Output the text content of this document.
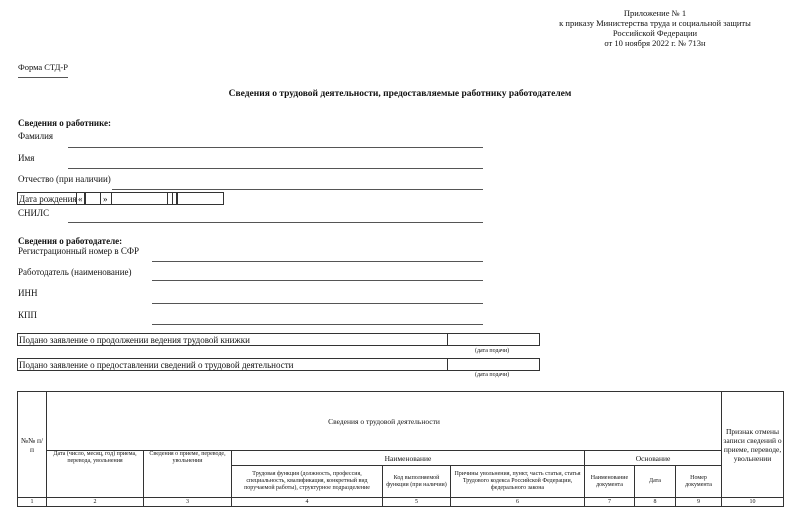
Приложение № 1
к приказу Министерства труда и социальной защиты
Российской Федерации
от 10 ноября 2022 г. № 713н
Форма СТД-Р
Сведения о трудовой деятельности, предоставляемые работнику работодателем
Сведения о работнике:
Фамилия
Имя
Отчество (при наличии)
Дата рождения « »
СНИЛС
Сведения о работодателе:
Регистрационный номер в СФР
Работодатель (наименование)
ИНН
КПП
Подано заявление о продолжении ведения трудовой книжки
(дата подачи)
Подано заявление о предоставлении сведений о трудовой деятельности
(дата подачи)
№№ п/п	Сведения о трудовой деятельности								Признак отмены записи сведений о приеме, переводе, увольнении
	Дата (число, месяц, год) приема, перевода, увольнения	Сведения о приеме, переводе, увольнении	Наименование			Основание			
			Трудовая функция (должность, профессия, специальность, квалификация, конкретный вид поручаемой работы), структурное подразделение	Код выполняемой функции (при наличии)	Причины увольнения, пункт, часть статьи, статья Трудового кодекса Российской Федерации, федерального закона	Наименование документа	Дата	Номер документа	
1	2	3	4	5	6	7	8	9	10
